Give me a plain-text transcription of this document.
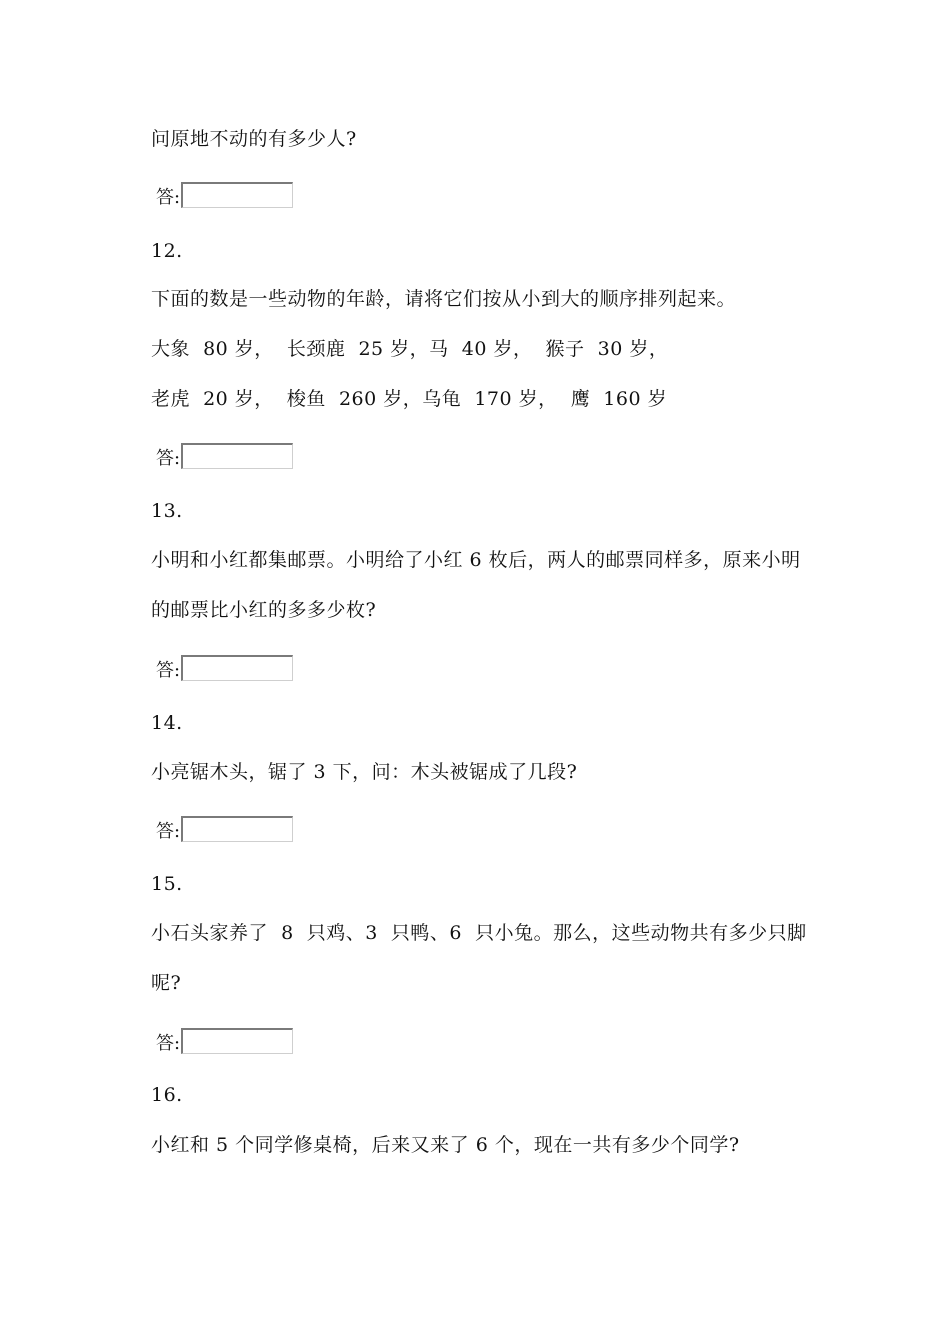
问原地不动的有多少人?
答:
12.
下面的数是一些动物的年龄，请将它们按从小到大的顺序排列起来。
大象  80 岁，  长颈鹿  25 岁，马  40 岁，  猴子  30 岁，
老虎  20 岁，  梭鱼  260 岁，乌龟  170 岁，  鹰  160 岁
答:
13.
小明和小红都集邮票。小明给了小红 6 枚后，两人的邮票同样多，原来小明
的邮票比小红的多多少枚?
答:
14.
小亮锯木头，锯了 3 下，问：木头被锯成了几段?
答:
15.
小石头家养了  8  只鸡、3  只鸭、6  只小兔。那么，这些动物共有多少只脚
呢?
答:
16.
小红和 5 个同学修桌椅，后来又来了 6 个，现在一共有多少个同学?
